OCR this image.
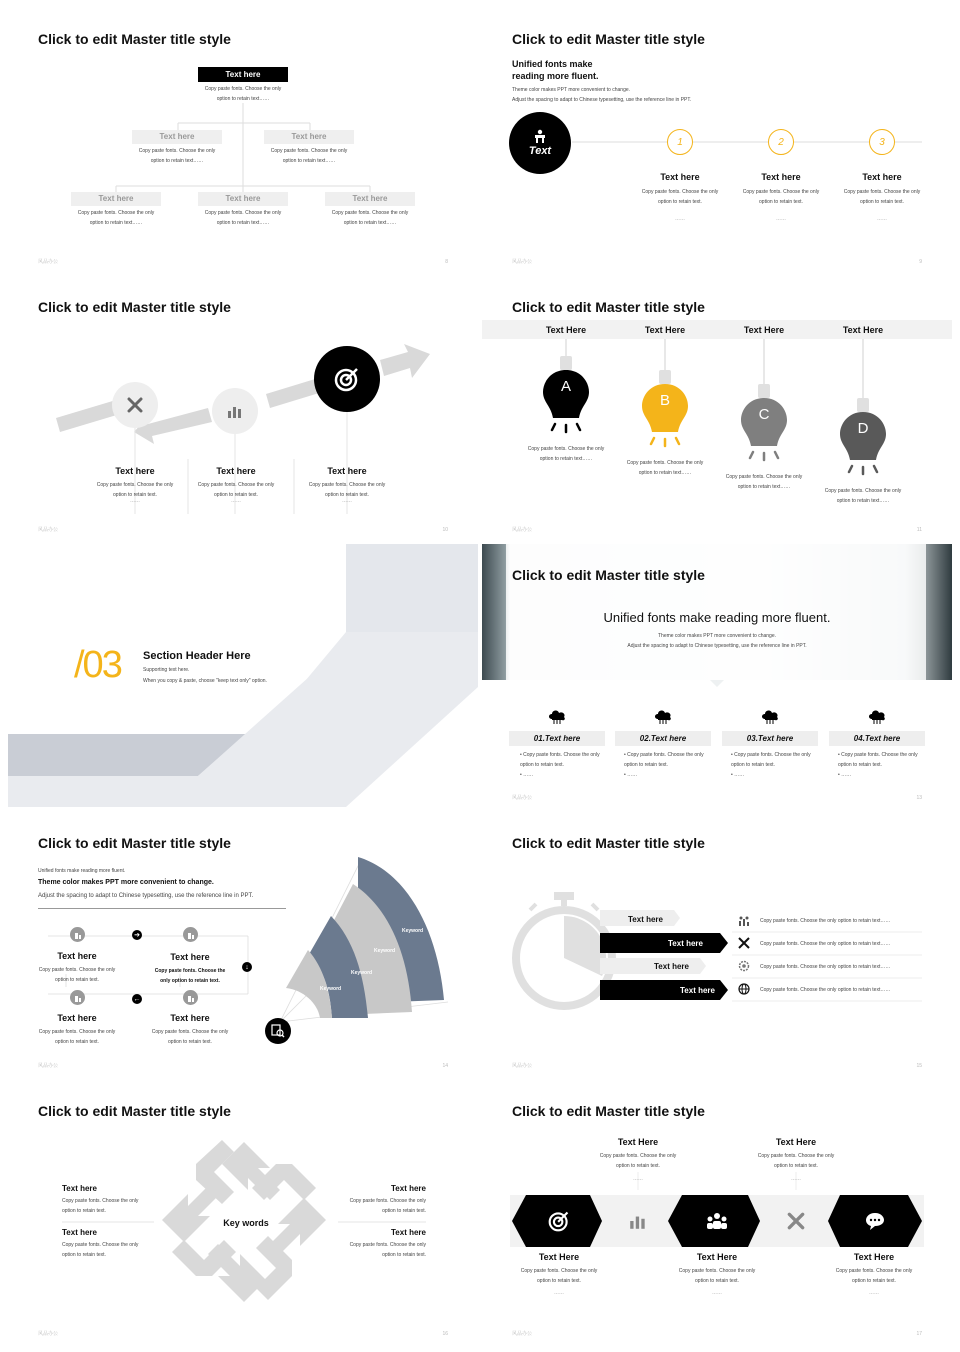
Click to edit Master title style
Text here
Copy paste fonts. Choose the only option to retain text……
Text here
Copy paste fonts. Choose the only option to retain text……
Text here
Copy paste fonts. Choose the only option to retain text……
Text here
Copy paste fonts. Choose the only option to retain text……
Text here
Copy paste fonts. Choose the only option to retain text……
Text here
Copy paste fonts. Choose the only option to retain text……
风品办公	8
Click to edit Master title style
Unified fonts make reading more fluent.
Theme color makes PPT more convenient to change.
Adjust the spacing to adapt to Chinese typesetting, use the reference line in PPT.
Text
1	2	3
Text here
Copy paste fonts. Choose the only option to retain text.
……
Text here
Copy paste fonts. Choose the only option to retain text.
……
Text here
Copy paste fonts. Choose the only option to retain text.
……
风品办公	9
Click to edit Master title style
Text here
Copy paste fonts. Choose the only option to retain text.
……
Text here
Copy paste fonts. Choose the only option to retain text.
……
Text here
Copy paste fonts. Choose the only option to retain text.
……
风品办公	10
Click to edit Master title style
Text Here	Text Here	Text Here	Text Here
A
B
C
D
Copy paste fonts. Choose the only option to retain text……
Copy paste fonts. Choose the only option to retain text……
Copy paste fonts. Choose the only option to retain text……
Copy paste fonts. Choose the only option to retain text……
风品办公	11
/03 Section Header Here
Supporting text here.
When you copy & paste, choose "keep text only" option.
Click to edit Master title style
Unified fonts make reading more fluent.
Theme color makes PPT more convenient to change.
Adjust the spacing to adapt to Chinese typesetting, use the reference line in PPT.
01.Text here	02.Text here	03.Text here	04.Text here
• Copy paste fonts. Choose the only option to retain text.
• ……
• Copy paste fonts. Choose the only option to retain text.
• ……
• Copy paste fonts. Choose the only option to retain text.
• ……
• Copy paste fonts. Choose the only option to retain text.
• ……
风品办公	13
Click to edit Master title style
Unified fonts make reading more fluent.
Theme color makes PPT more convenient to change.
Adjust the spacing to adapt to Chinese typesetting, use the reference line in PPT.
Keyword
Keyword
Keyword
Keyword
➔
↓
←
Text here
Copy paste fonts. Choose the only option to retain text.
Text here
Copy paste fonts. Choose the only option to retain text.
Text here
Copy paste fonts. Choose the only option to retain text.
Text here
Copy paste fonts. Choose the only option to retain text.
风品办公	14
Click to edit Master title style
Text here
Text here
Text here
Text here
Copy paste fonts. Choose the only option to retain text……
Copy paste fonts. Choose the only option to retain text……
Copy paste fonts. Choose the only option to retain text……
Copy paste fonts. Choose the only option to retain text……
风品办公	15
Click to edit Master title style
Key words
Text here
Copy paste fonts. Choose the only option to retain text.
Text here
Copy paste fonts. Choose the only option to retain text.
Text here
Copy paste fonts. Choose the only option to retain text.
Text here
Copy paste fonts. Choose the only option to retain text.
风品办公	16
Click to edit Master title style
Text Here
Copy paste fonts. Choose the only option to retain text.
……
Text Here
Copy paste fonts. Choose the only option to retain text.
……
Text Here
Copy paste fonts. Choose the only option to retain text.
……
Text Here
Copy paste fonts. Choose the only option to retain text.
……
Text Here
Copy paste fonts. Choose the only option to retain text.
……
风品办公	17
